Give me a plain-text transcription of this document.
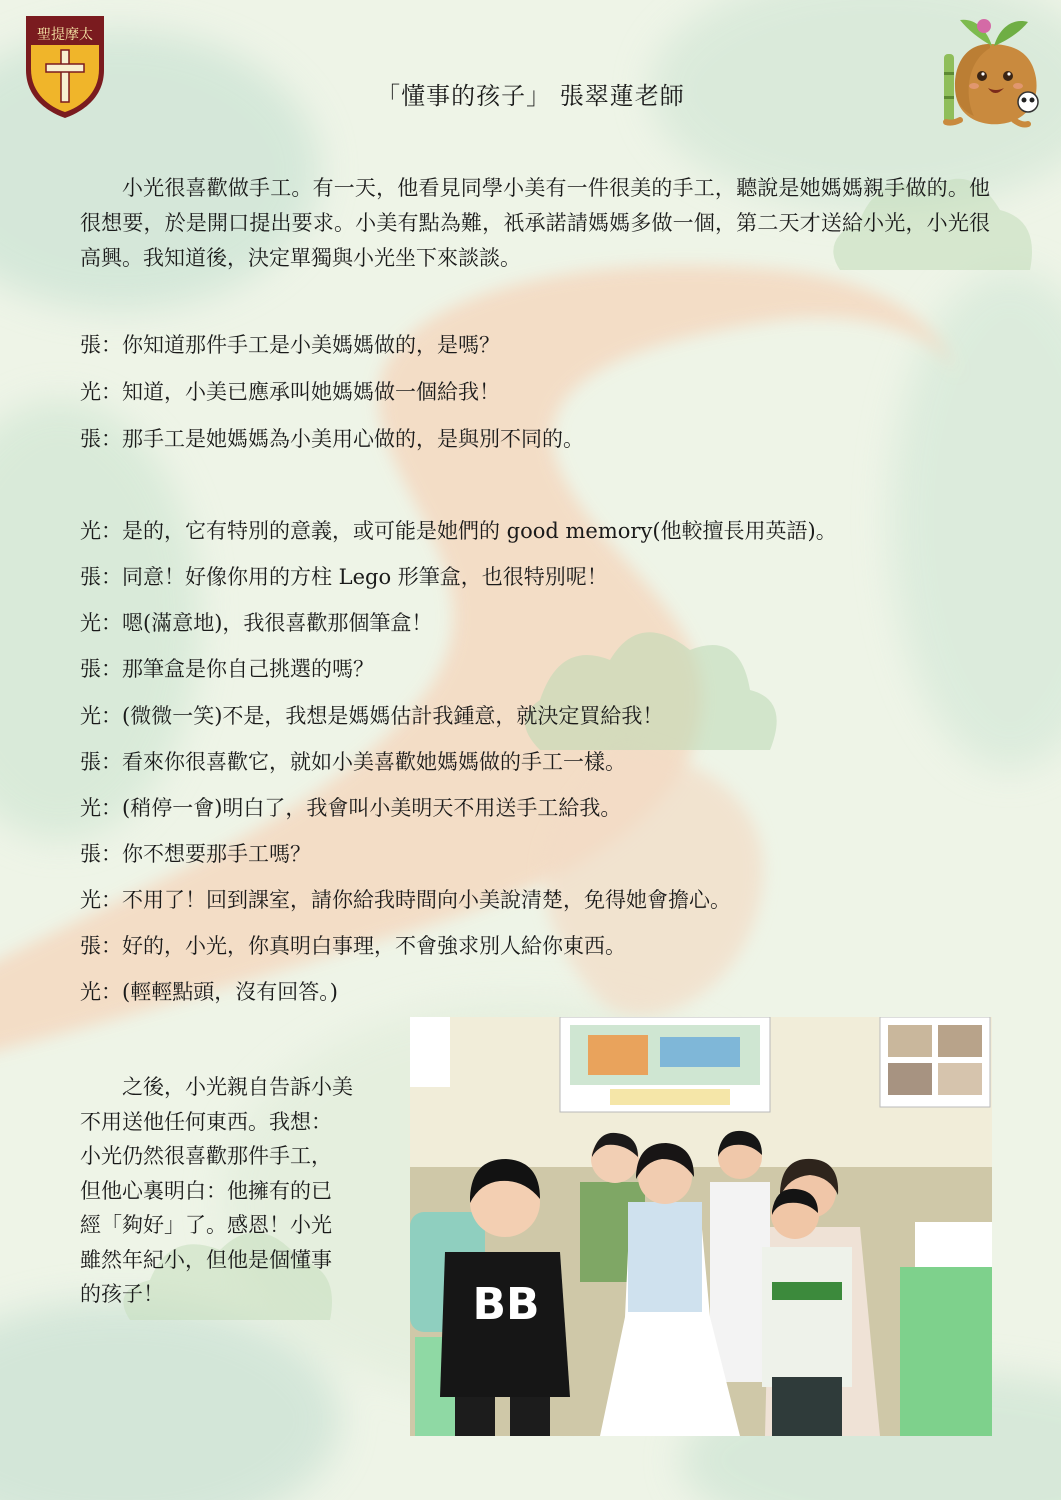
聖提摩太
「懂事的孩子」 張翠蓮老師
小光很喜歡做手工。有一天，他看見同學小美有一件很美的手工，聽說是她媽媽親手做的。他很想要，於是開口提出要求。小美有點為難，祇承諾請媽媽多做一個，第二天才送給小光，小光很高興。我知道後，決定單獨與小光坐下來談談。
張：你知道那件手工是小美媽媽做的，是嗎？
光：知道，小美已應承叫她媽媽做一個給我！
張：那手工是她媽媽為小美用心做的，是與別不同的。
光：是的，它有特別的意義，或可能是她們的 good memory(他較擅長用英語)。
張：同意！好像你用的方柱 Lego 形筆盒，也很特別呢！
光：嗯(滿意地)，我很喜歡那個筆盒！
張：那筆盒是你自己挑選的嗎？
光：(微微一笑)不是，我想是媽媽估計我鍾意，就決定買給我！
張：看來你很喜歡它，就如小美喜歡她媽媽做的手工一樣。
光：(稍停一會)明白了，我會叫小美明天不用送手工給我。
張：你不想要那手工嗎？
光：不用了！回到課室，請你給我時間向小美說清楚，免得她會擔心。
張：好的，小光，你真明白事理，不會強求別人給你東西。
光：(輕輕點頭，沒有回答。)
　　之後，小光親自告訴小美
不用送他任何東西。我想：
小光仍然很喜歡那件手工，
但他心裏明白：他擁有的已
經「夠好」了。感恩！小光
雖然年紀小，但他是個懂事
的孩子！	BB
